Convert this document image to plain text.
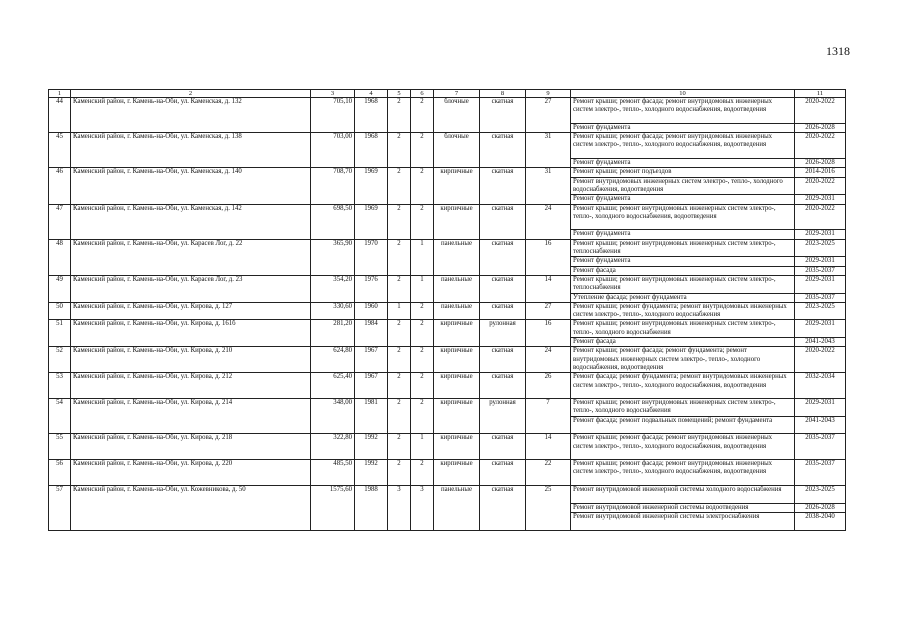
1318
1	2	3	4	5	6	7	8	9	10	11
44	Каменский район, г. Камень-на-Оби, ул. Каменская, д. 132	705,10	1968	2	2	блочные	скатная	27	Ремонт крыши; ремонт фасада; ремонт внутридомовых инженерных систем электро-, тепло-, холодного водоснабжения, водоотведения	2020-2022
									Ремонт фундамента	2026-2028
45	Каменский район, г. Камень-на-Оби, ул. Каменская, д. 138	703,00	1968	2	2	блочные	скатная	31	Ремонт крыши; ремонт фасада; ремонт внутридомовых инженерных систем электро-, тепло-, холодного водоснабжения, водоотведения	2020-2022
									Ремонт фундамента	2026-2028
46	Каменский район, г. Камень-на-Оби, ул. Каменская, д. 140	708,70	1969	2	2	кирпичные	скатная	31	Ремонт крыши; ремонт подъездов	2014-2016
									Ремонт внутридомовых инженерных систем электро-, тепло-, холодного водоснабжения, водоотведения	2020-2022
									Ремонт фундамента	2029-2031
47	Каменский район, г. Камень-на-Оби, ул. Каменская, д. 142	698,50	1969	2	2	кирпичные	скатная	24	Ремонт крыши; ремонт внутридомовых инженерных систем электро-, тепло-, холодного водоснабжения, водоотведения	2020-2022
									Ремонт фундамента	2029-2031
48	Каменский район, г. Камень-на-Оби, ул. Карасев Лог, д. 22	365,90	1970	2	1	панельные	скатная	16	Ремонт крыши; ремонт внутридомовых инженерных систем электро-, теплоснабжения	2023-2025
									Ремонт фундамента	2029-2031
									Ремонт фасада	2035-2037
49	Каменский район, г. Камень-на-Оби, ул. Карасев Лог, д. 23	354,20	1976	2	1	панельные	скатная	14	Ремонт крыши; ремонт внутридомовых инженерных систем электро-, теплоснабжения	2029-2031
									Утепление фасада; ремонт фундамента	2035-2037
50	Каменский район, г. Камень-на-Оби, ул. Кирова, д. 127	330,60	1960	1	2	панельные	скатная	27	Ремонт крыши; ремонт фундамента; ремонт внутридомовых инженерных систем электро-, тепло-, холодного водоснабжения	2023-2025
51	Каменский район, г. Камень-на-Оби, ул. Кирова, д. 161б	281,20	1984	2	2	кирпичные	рулонная	16	Ремонт крыши; ремонт внутридомовых инженерных систем электро-, тепло-, холодного водоснабжения	2029-2031
									Ремонт фасада	2041-2043
52	Каменский район, г. Камень-на-Оби, ул. Кирова, д. 210	624,80	1967	2	2	кирпичные	скатная	24	Ремонт крыши; ремонт фасада; ремонт фундамента; ремонт внутридомовых инженерных систем электро-, тепло-, холодного водоснабжения, водоотведения	2020-2022
53	Каменский район, г. Камень-на-Оби, ул. Кирова, д. 212	625,40	1967	2	2	кирпичные	скатная	26	Ремонт фасада; ремонт фундамента; ремонт внутридомовых инженерных систем электро-, тепло-, холодного водоснабжения, водоотведения	2032-2034
54	Каменский район, г. Камень-на-Оби, ул. Кирова, д. 214	348,00	1981	2	2	кирпичные	рулонная	7	Ремонт крыши; ремонт внутридомовых инженерных систем электро-, тепло-, холодного водоснабжения	2029-2031
									Ремонт фасада; ремонт подвальных помещений; ремонт фундамента	2041-2043
55	Каменский район, г. Камень-на-Оби, ул. Кирова, д. 218	322,80	1992	2	1	кирпичные	скатная	14	Ремонт крыши; ремонт фасада; ремонт внутридомовых инженерных систем электро-, тепло-, холодного водоснабжения, водоотведения	2035-2037
56	Каменский район, г. Камень-на-Оби, ул. Кирова, д. 220	485,50	1992	2	2	кирпичные	скатная	22	Ремонт крыши; ремонт фасада; ремонт внутридомовых инженерных систем электро-, тепло-, холодного водоснабжения, водоотведения	2035-2037
57	Каменский район, г. Камень-на-Оби, ул. Кожевникова, д. 50	1575,60	1988	3	3	панельные	скатная	25	Ремонт внутридомовой инженерной системы холодного водоснабжения	2023-2025
									Ремонт внутридомовой инженерной системы водоотведения	2026-2028
									Ремонт внутридомовой инженерной системы электроснабжения	2038-2040
